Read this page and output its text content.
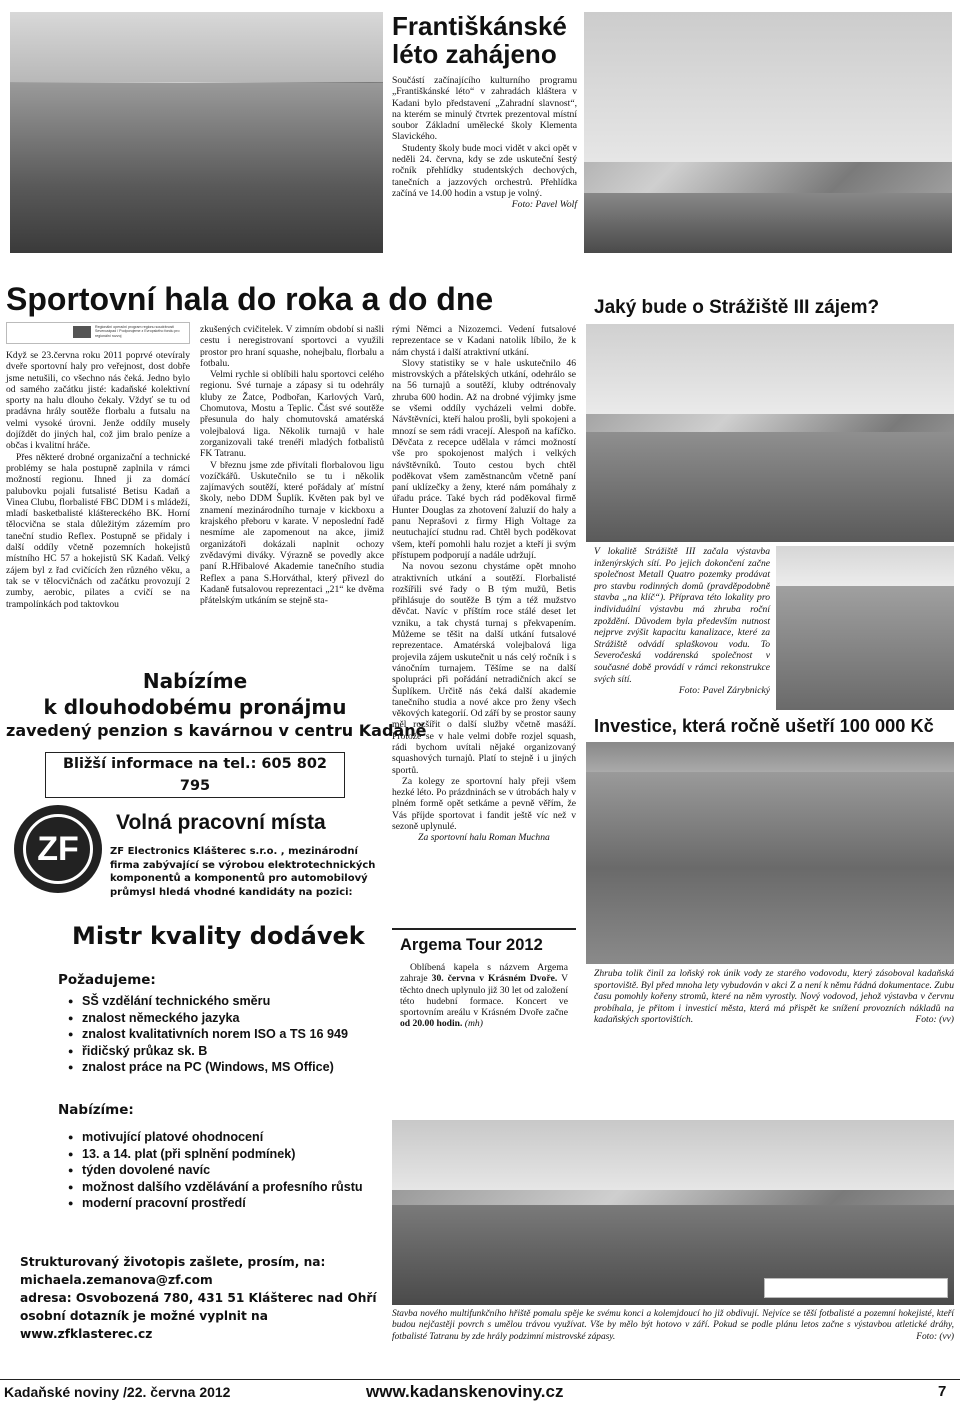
Františkánské
léto zahájeno

Součástí začínajícího kulturního programu „Františkánské léto“ v zahradách kláštera v Kadani bylo představení „Zahradní slavnost“, na kterém se minulý čtvrtek prezentoval místní soubor Základní umělecké školy Klementa Slavického.

Studenty školy bude moci vidět v akci opět v neděli 24. června, kdy se zde uskuteční šestý ročník přehlídky studentských dechových, tanečních a jazzových orchestrů. Přehlídka začíná ve 14.00 hodin a vstup je volný.

Foto: Pavel Wolf

Sportovní hala do roka a do dne
Regionální operační program regionu soudržnosti Severozápad / Podporujeme z Evropského fondu pro regionální rozvoj

Když se 23.června roku 2011 poprvé otevíraly dveře sportovní haly pro veřejnost, dost dobře jsme netušili, co všechno nás čeká. Jedno bylo od samého začátku jisté: kadaňské kolektivní sporty na halu dlouho čekaly. Vždyť se tu od pradávna hrály soutěže florbalu a futsalu na velmi vysoké úrovni. Jenže oddíly musely dojíždět do jiných hal, což jim bralo peníze a občas i kvalitní hráče.

Přes některé drobné organizační a technické problémy se hala postupně zaplnila v rámci možností regionu. Ihned ji za domácí palubovku pojali futsalisté Betisu Kadaň a Vinea Clubu, florbalisté FBC DDM i s mládeží, mladí basketbalisté kláštereckého BK. Horní tělocvična se stala důležitým zázemím pro taneční studio Reflex. Postupně se přidaly i další oddíly včetně pozemních hokejistů místního HC 57 a hokejistů SK Kadaň. Velký zájem byl z řad cvičících žen různého věku, a tak se v tělocvičnách od začátku provozují 2 zumby, aerobic, pilates a cvičí se na trampolínkách pod taktovkou

zkušených cvičitelek. V zimním období si našli cestu i neregistrovaní sportovci a využili prostor pro hraní squashe, nohejbalu, florbalu a fotbalu.

Velmi rychle si oblíbili halu sportovci celého regionu. Své turnaje a zápasy si tu odehrály kluby ze Žatce, Podbořan, Karlových Varů, Chomutova, Mostu a Teplic. Část své soutěže přesunula do haly chomutovská amatérská volejbalová liga. Několik turnajů v hale zorganizovali také trenéři mladých fotbalistů FK Tatranu.

V březnu jsme zde přivítali florbalovou ligu vozíčkářů. Uskutečnilo se tu i několik zajímavých soutěží, které pořádaly ať místní školy, nebo DDM Šuplík. Květen pak byl ve znamení mezinárodního turnaje v kickboxu a krajského přeboru v karate. V neposlední řadě nesmíme ale zapomenout na akce, jimiž organizátoři dokázali naplnit ochozy zvědavými diváky. Výrazně se povedly akce paní R.Hřibalové Akademie tanečního studia Reflex a pana S.Horváthal, který přivezl do Kadaně futsalovou reprezentaci „21“ ke dvěma přátelským utkáním se stejně sta-

rými Němci a Nizozemci. Vedení futsalové reprezentace se v Kadani natolik líbilo, že k nám chystá i další atraktivní utkání.

Slovy statistiky se v hale uskutečnilo 46 mistrovských a přátelských utkání, odehrálo se na 56 turnajů a soutěží, kluby odtrénovaly zhruba 600 hodin. Až na drobné výjimky jsme se všemi oddíly vycházeli velmi dobře. Návštěvníci, kteří halou prošli, byli spokojeni a mnozí se sem rádi vracejí. Alespoň na kafíčko. Děvčata z recepce udělala v rámci možností vše pro spokojenost malých i velkých návštěvníků. Touto cestou bych chtěl poděkovat všem zaměstnancům včetně paní paní uklízečky a ženy, které nám pomáhaly z úřadu práce. Také bych rád poděkoval firmě Hunter Douglas za zhotovení žaluzií do haly a panu Neprašovi z firmy High Voltage za neutuchající studnu rad. Chtěl bych poděkovat všem, kteří pomohli halu rozjet a kteří ji svým přístupem podporují a nadále udržují.

Na novou sezonu chystáme opět mnoho atraktivních utkání a soutěží. Florbalisté rozšířili své řady o B tým mužů, Betis přihlásuje do soutěže B tým a též mužstvo děvčat. Navíc v příštím roce stálé deset let vzniku, a tak chystá turnaj s překvapením. Můžeme se těšit na další utkání futsalové reprezentace. Amatérská volejbalová liga projevila zájem uskutečnit u nás celý ročník i s vánočním turnajem. Těšíme se na další spolupráci při pořádání netradičních akcí se Šuplíkem. Určitě nás čeká další akademie tanečního studia a nové akce pro ženy všech věkových kategorií. Od září by se prostor sauny měl rozšířit o další služby včetně masáží. Protože se v hale velmi dobře rozjel squash, rádi bychom uvítali nějaké organizovaný squashových turnajů. Platí to stejně i u jiných sportů.

Za kolegy ze sportovní haly přeji všem hezké léto. Po prázdninách se v útrobách haly v plném formě opět setkáme a pevně věřím, že Vás příjde sportovat i fandit ještě víc než v sezoně uplynulé.

Za sportovní halu Roman Muchna

Nabízíme
k dlouhodobému pronájmu
zavedený penzion s kavárnou v centru Kadaně
Bližší informace na tel.: 605 802 795
ZF
Volná pracovní místa
ZF Electronics Klášterec s.r.o. , mezinárodní firma zabývající se výrobou elektrotechnických komponentů a komponentů pro automobilový průmysl hledá vhodné kandidáty na pozici:
Mistr kvality dodávek
Požadujeme:
● SŠ vzdělání technického směru
● znalost německého jazyka
● znalost kvalitativních norem ISO a TS 16 949
● řidičský průkaz sk. B
● znalost práce na PC (Windows, MS Office)
Nabízíme:
● motivující platové ohodnocení
● 13. a 14. plat (při splnění podmínek)
● týden dovolené navíc
● možnost dalšího vzdělávání a profesního růstu
● moderní pracovní prostředí
Strukturovaný životopis zašlete, prosím, na:
michaela.zemanova@zf.com
adresa: Osvobozená 780, 431 51 Klášterec nad Ohří
osobní dotazník je možné vyplnit na www.zfklasterec.cz
Jaký bude o Strážiště III zájem?

V lokalitě Strážiště III začala výstavba inženýrských sítí. Po jejich dokončení začne společnost Metall Quatro pozemky prodávat pro stavbu rodinných domů (pravděpodobně stavba „na klíč“). Příprava této lokality pro individuální výstavbu má zhruba roční zpoždění. Důvodem byla především nutnost nejprve zvýšit kapacitu kanalizace, které za Strážiště odvádí splaškovou vodu. To Severočeská vodárenská společnost v současné době provádí v rámci rekonstrukce svých sítí.

Foto: Pavel Zárybnický

Investice, která ročně ušetří 100 000 Kč
Zhruba tolik činil za loňský rok únik vody ze starého vodovodu, který zásoboval kadaňská sportoviště. Byl před mnoha lety vybudován v akci Z a není k němu řádná dokumentace. Zubu času pomohly kořeny stromů, které na něm vyrostly. Nový vodovod, jehož výstavba v červnu probíhala, je přitom i investicí města, která má přispět ke snížení provozních nákladů na kadaňských sportovištích.	Foto: (vv)
Argema Tour 2012
Oblíbená kapela s názvem Argema zahraje 30. června v Krásném Dvoře. V těchto dnech uplynulo již 30 let od založení této hudební formace. Koncert ve sportovním areálu v Krásném Dvoře začne od 20.00 hodin. (mh)
Stavba nového multifunkčního hřiště pomalu spěje ke svému konci a kolemjdoucí ho již obdivují. Nejvíce se těší fotbalisté a pozemní hokejisté, kteří budou nejčastěji povrch s umělou trávou využívat. Vše by mělo být hotovo v září. Pokud se podle plánu letos začne s výstavbou atletické dráhy, fotbalisté Tatranu by zde hrály podzimní mistrovské zápasy.	Foto: (vv)
Kadaňské noviny /22. června 2012	www.kadanskenoviny.cz	7
